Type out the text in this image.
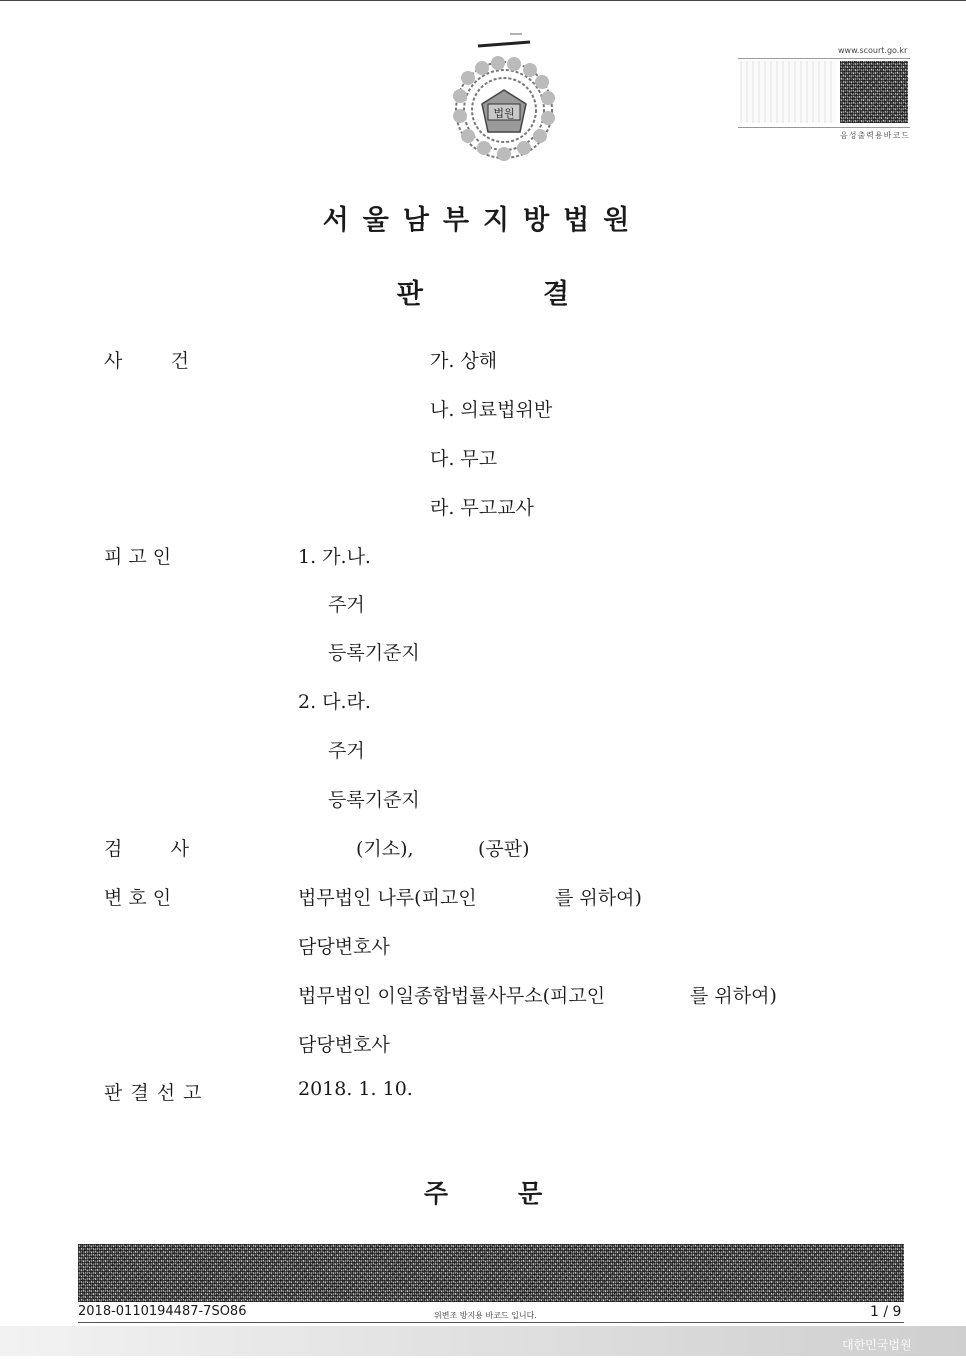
법원
www.scourt.go.kr
음성출력용바코드
서울남부지방법원
판	결
사        건	가. 상해
나. 의료법위반
다. 무고
라. 무고교사
피 고 인	1. 가.나.
주거
등록기준지
2. 다.라.
주거
등록기준지
검        사	(기소),	(공판)
변 호 인	법무법인 나루(피고인	를 위하여)
담당변호사
법무법인 이일종합법률사무소(피고인	를 위하여)
담당변호사
판결선고	2018. 1. 10.
주	문
2018-0110194487-7SO86	위변조 방지용 바코드 입니다.	1 / 9
대한민국법원
